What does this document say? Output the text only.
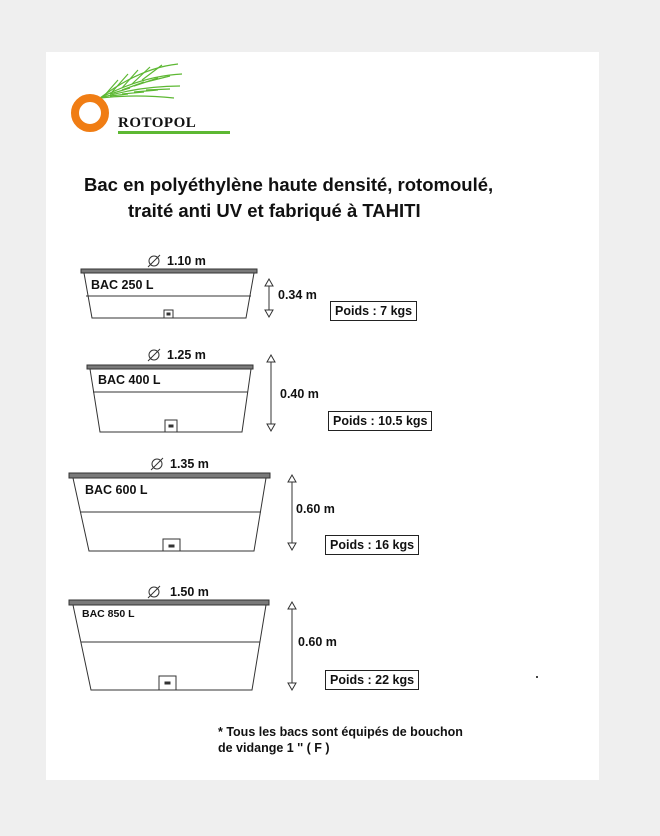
ROTOPOL
Bac en polyéthylène haute densité, rotomoulé,
traité anti UV et fabriqué à TAHITI
1.10 m
BAC 250 L
0.34 m
Poids : 7 kgs
1.25 m
BAC 400 L
0.40 m
Poids : 10.5 kgs
1.35 m
BAC 600 L
0.60 m
Poids : 16 kgs
1.50 m
BAC 850 L
0.60 m
Poids : 22 kgs
* Tous les bacs sont équipés de bouchon
de vidange 1 '' ( F )
